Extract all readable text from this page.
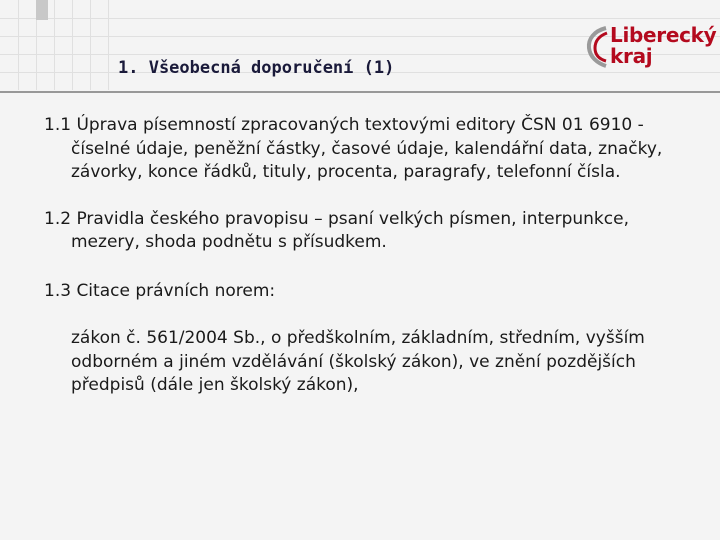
Liberecký
kraj
1. Všeobecná doporučení (1)

1.1 Úprava písemností zpracovaných textovými editory ČSN 01 6910 - číselné údaje, peněžní částky, časové údaje, kalendářní data, značky, závorky, konce řádků, tituly, procenta, paragrafy, telefonní čísla.

1.2 Pravidla českého pravopisu – psaní velkých písmen, interpunkce, mezery, shoda podnětu s přísudkem.

1.3 Citace právních norem:

zákon č. 561/2004 Sb., o předškolním, základním, středním, vyšším odborném a jiném vzdělávání (školský zákon), ve znění pozdějších předpisů (dále jen školský zákon),
